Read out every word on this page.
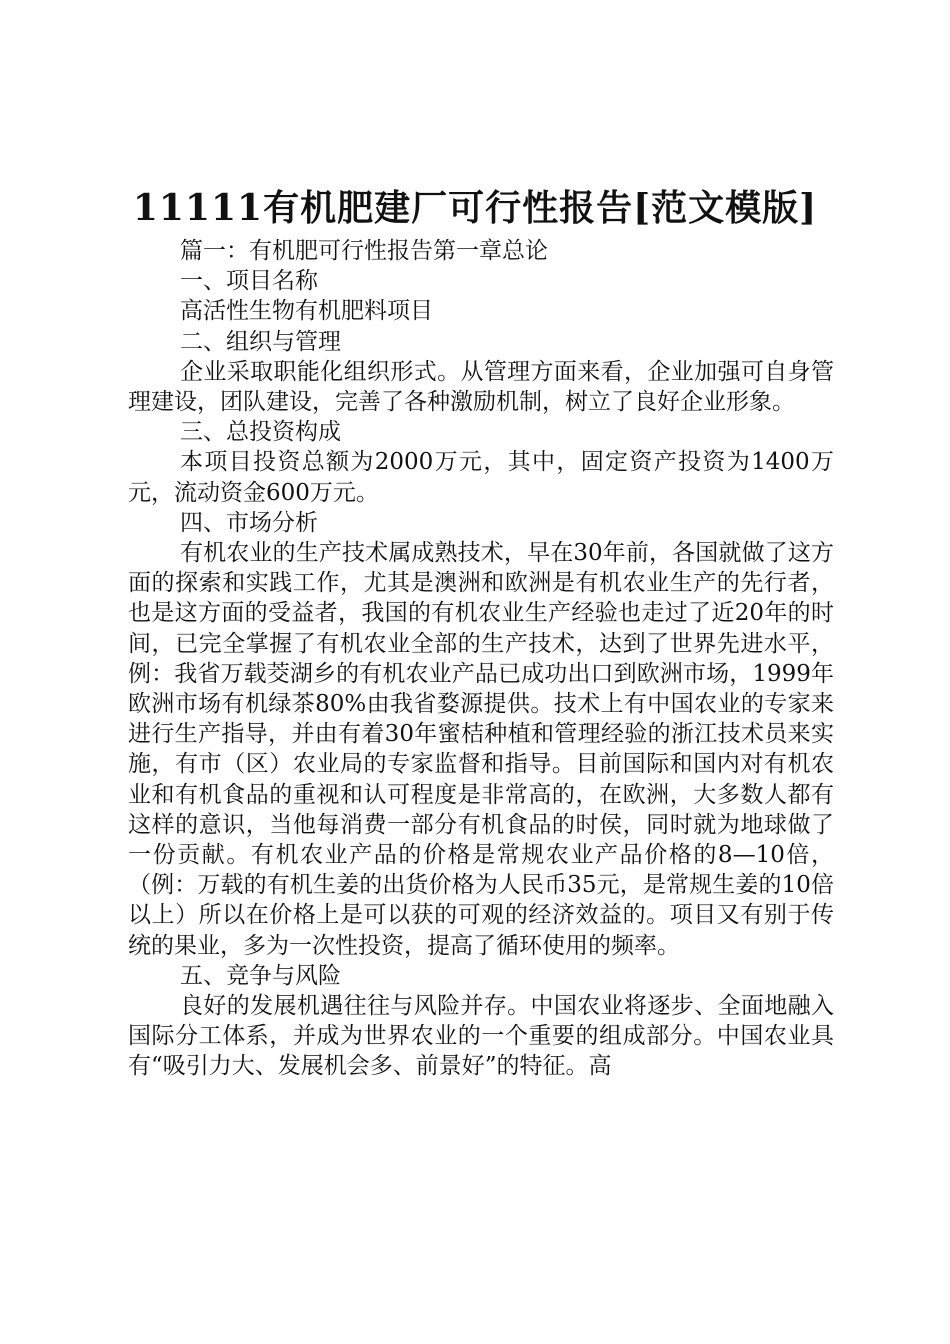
11111有机肥建厂可行性报告[范文模版]

篇一：有机肥可行性报告第一章总论

一、项目名称

高活性生物有机肥料项目

二、组织与管理

企业采取职能化组织形式。从管理方面来看，企业加强可自身管理建设，团队建设，完善了各种激励机制，树立了良好企业形象。

三、总投资构成

本项目投资总额为2000万元，其中，固定资产投资为1400万元，流动资金600万元。

四、市场分析

有机农业的生产技术属成熟技术，早在30年前，各国就做了这方面的探索和实践工作，尤其是澳洲和欧洲是有机农业生产的先行者，也是这方面的受益者，我国的有机农业生产经验也走过了近20年的时间，已完全掌握了有机农业全部的生产技术，达到了世界先进水平，例：我省万载茭湖乡的有机农业产品已成功出口到欧洲市场，1999年欧洲市场有机绿茶80%由我省婺源提供。技术上有中国农业的专家来进行生产指导，并由有着30年蜜桔种植和管理经验的浙江技术员来实施，有市（区）农业局的专家监督和指导。目前国际和国内对有机农业和有机食品的重视和认可程度是非常高的，在欧洲，大多数人都有这样的意识，当他每消费一部分有机食品的时侯，同时就为地球做了一份贡献。有机农业产品的价格是常规农业产品价格的8—10倍，（例：万载的有机生姜的出货价格为人民币35元，是常规生姜的10倍以上）所以在价格上是可以获的可观的经济效益的。项目又有别于传统的果业，多为一次性投资，提高了循环使用的频率。

五、竞争与风险

良好的发展机遇往往与风险并存。中国农业将逐步、全面地融入国际分工体系，并成为世界农业的一个重要的组成部分。中国农业具有“吸引力大、发展机会多、前景好”的特征。高
